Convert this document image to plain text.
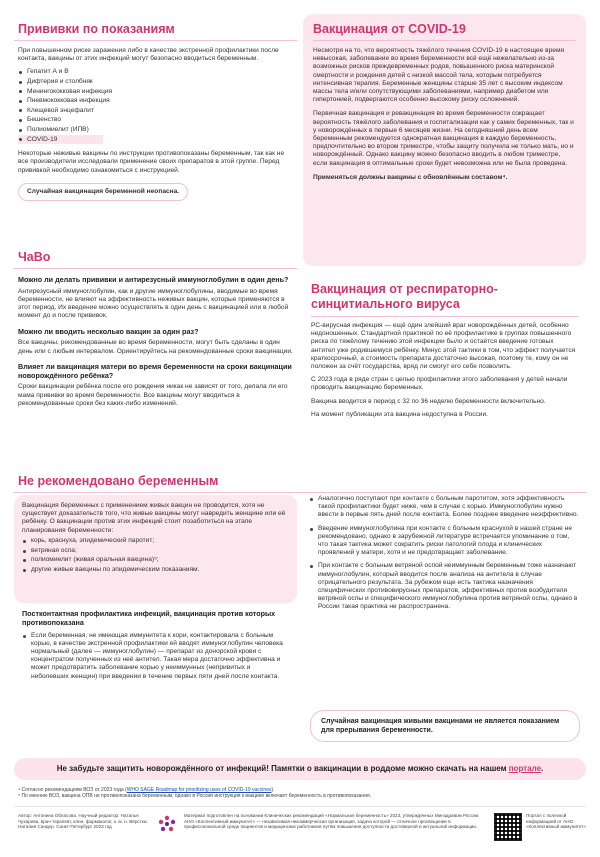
Прививки по показаниям
При повышенном риске заражения либо в качестве экстренной профилактики после контакта, вакцины от этих инфекций могут безопасно вводиться беременным.
Гепатит А и В
Дифтерия и столбняк
Менингококковая инфекция
Пневмококковая инфекция
Клещевой энцефалит
Бешенство
Полиомиелит (ИПВ)
COVID-19
Некоторые неживые вакцины по инструкции противопоказаны беременным, так как не все производители исследовали применение своих препаратов в этой группе. Перед прививкой необходимо ознакомиться с инструкцией.
Случайная вакцинация беременной неопасна.
ЧаВо
Можно ли делать прививки и антирезусный иммуноглобулин в один день?
Антирезусный иммуноглобулин, как и другие иммуноглобулины, вводимые во время беременности, не влияют на эффективность неживых вакцин, которые применяются в этот период. Их введение можно осуществлять в один день с вакцинацией или в любой момент до и после прививок.
Можно ли вводить несколько вакцин за один раз?
Все вакцины, рекомендованные во время беременности, могут быть сделаны в один день или с любым интервалом. Ориентируйтесь на рекомендованные сроки вакцинации.
Влияет ли вакцинация матери во время беременности на сроки вакцинации новорождённого ребёнка?
Сроки вакцинации ребёнка после его рождения никак не зависят от того, делала ли его мама прививки во время беременности. Все вакцины могут вводиться в рекомендованные сроки без каких-либо изменений.
Вакцинация от COVID-19

Несмотря на то, что вероятность тяжёлого течения COVID-19 в настоящее время невысокая, заболевание во время беременности всё ещё нежелательно из-за возможных рисков преждевременных родов, повышенного риска материнской смертности и рождения детей с низкой массой тела, которым потребуется интенсивная терапия. Беременные женщины старше 35 лет с высоким индексом массы тела и/или сопутствующими заболеваниями, например диабетом или гипертонией, подвергаются особенно высокому риску осложнений.

Первичная вакцинация и ревакцинация во время беременности сокращает вероятность тяжёлого заболевания и госпитализации как у самих беременных, так и у новорождённых в первые 6 месяцев жизни. На сегодняшний день всем беременным рекомендуется однократная вакцинация в каждую беременность, предпочтительно во втором триместре, чтобы защиту получила не только мать, но и новорождённый. Однако вакцину можно безопасно вводить в любом триместре, если вакцинация в оптимальные сроки будет невозможна или не была проведена.

Применяться должны вакцины с обновлённым составом⁴.

Вакцинация от респираторно-синцитиального вируса

РС-вирусная инфекция — ещё один злейший враг новорождённых детей, особенно недоношенных. Стандартной практикой по её профилактике в группах повышенного риска по тяжёлому течению этой инфекции было и остаётся введение готовых антител уже родившемуся ребёнку. Минус этой тактики в том, что эффект получается краткосрочный, а стоимость препарата достаточно высокая, поэтому те, кому он не положен за счёт государства, вряд ли смогут его себе позволить.

С 2023 года в ряде стран с целью профилактики этого заболевания у детей начали проводить вакцинацию беременных.

Вакцина вводится в период с 32 по 36 неделю беременности включительно.

На момент публикации эта вакцина недоступна в России.

Не рекомендовано беременным
Вакцинация беременных с применением живых вакцин не проводится, хотя не существует доказательств того, что живые вакцины могут навредить женщине или её ребёнку. О вакцинации против этих инфекций стоит позаботиться на этапе планирования беременности:
корь, краснуха, эпидемический паротит;
ветряная оспа;
полиомиелит (живая оральная вакцина)⁵;
другие живые вакцины по эпидемическим показаниям.
Постконтактная профилактика инфекций, вакцинация против которых противопоказана
Если беременная, не имеющая иммунитета к кори, контактировала с больным корью, в качестве экстренной профилактики ей вводят иммуноглобулин человека нормальный (далее — иммуноглобулин) — препарат из донорской крови с концентратом полученных из неё антител. Такая мера достаточно эффективна и может предотвратить заболевание корью у неиммунных (непривитых и неболевших женщин) при введении в течение первых пяти дней после контакта.
Аналогично поступают при контакте с больным паротитом, хотя эффективность такой профилактики будет ниже, чем в случае с корью. Иммуноглобулин нужно ввести в первые пять дней после контакта. Более позднее введение неэффективно.
Введение иммуноглобулина при контакте с больным краснухой в нашей стране не рекомендовано, однако в зарубежной литературе встречается упоминание о том, что такая тактика может сократить риски патологий плода и клинических проявлений у матери, хотя и не предотвращает заболевание.
При контакте с больным ветряной оспой неиммунным беременным тоже назначают иммуноглобулин, который вводится после анализа на антитела в случае отрицательного результата. За рубежом еще есть тактика назначения специфических противовирусных препаратов, эффективных против возбудителя ветряной оспы и специфического иммуноглобулина против ветряной оспы, однако в России такая практика не распространена.
Случайная вакцинация живыми вакцинами не является показанием для прерывания беременности.
Не забудьте защитить новорождённого от инфекций! Памятки о вакцинации в роддоме можно скачать на нашем портале.
⁴ Согласно рекомендациям ВОЗ от 2023 года (WHO SAGE Roadmap for prioritizing uses of COVID-19 vaccines).
⁵ По мнению ВОЗ, вакцина ОПВ не противопоказана беременным, однако в России инструкция к вакцине включает беременность в противопоказания.
Автор: Антонина Обласова. Научный редактор: Наталья Чухарева, врач-терапевт, клин. фармаколог, к. м. н. Вёрстка: Наталия Сандер. Санкт-Петербург 2023 год
Материал подготовлен на основании Клинических рекомендаций «Нормальная беременность» 2023, утверждённых Минздравом России. АНО «Коллективный иммунитет» — независимая некоммерческая организация, задача которой — отличное просвещение в профессиональной среде пациентов и медицинских работников путём повышения доступности достоверной и актуальной информации.
Портал с полезной информацией от АНО «Коллективный иммунитет»
